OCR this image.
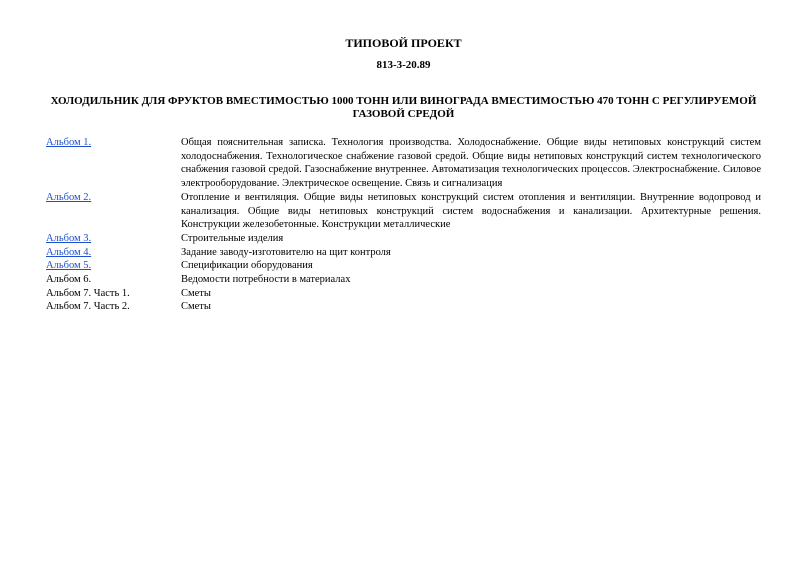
ТИПОВОЙ ПРОЕКТ
813-3-20.89
ХОЛОДИЛЬНИК ДЛЯ ФРУКТОВ ВМЕСТИМОСТЬЮ 1000 ТОНН ИЛИ ВИНОГРАДА ВМЕСТИМОСТЬЮ 470 ТОНН С РЕГУЛИРУЕМОЙ ГАЗОВОЙ СРЕДОЙ
Альбом 1.	Общая пояснительная записка. Технология производства. Холодоснабжение. Общие виды нетиповых конструкций систем холодоснабжения. Технологическое снабжение газовой средой. Общие виды нетиповых конструкций систем технологического снабжения газовой средой. Газоснабжение внутреннее. Автоматизация технологических процессов. Электроснабжение. Силовое электрооборудование. Электрическое освещение. Связь и сигнализация
Альбом 2.	Отопление и вентиляция. Общие виды нетиповых конструкций систем отопления и вентиляции. Внутренние водопровод и канализация. Общие виды нетиповых конструкций систем водоснабжения и канализации. Архитектурные решения. Конструкции железобетонные. Конструкции металлические
Альбом 3.	Строительные изделия
Альбом 4.	Задание заводу-изготовителю на щит контроля
Альбом 5.	Спецификации оборудования
Альбом 6.	Ведомости потребности в материалах
Альбом 7. Часть 1.	Сметы
Альбом 7. Часть 2.	Сметы
